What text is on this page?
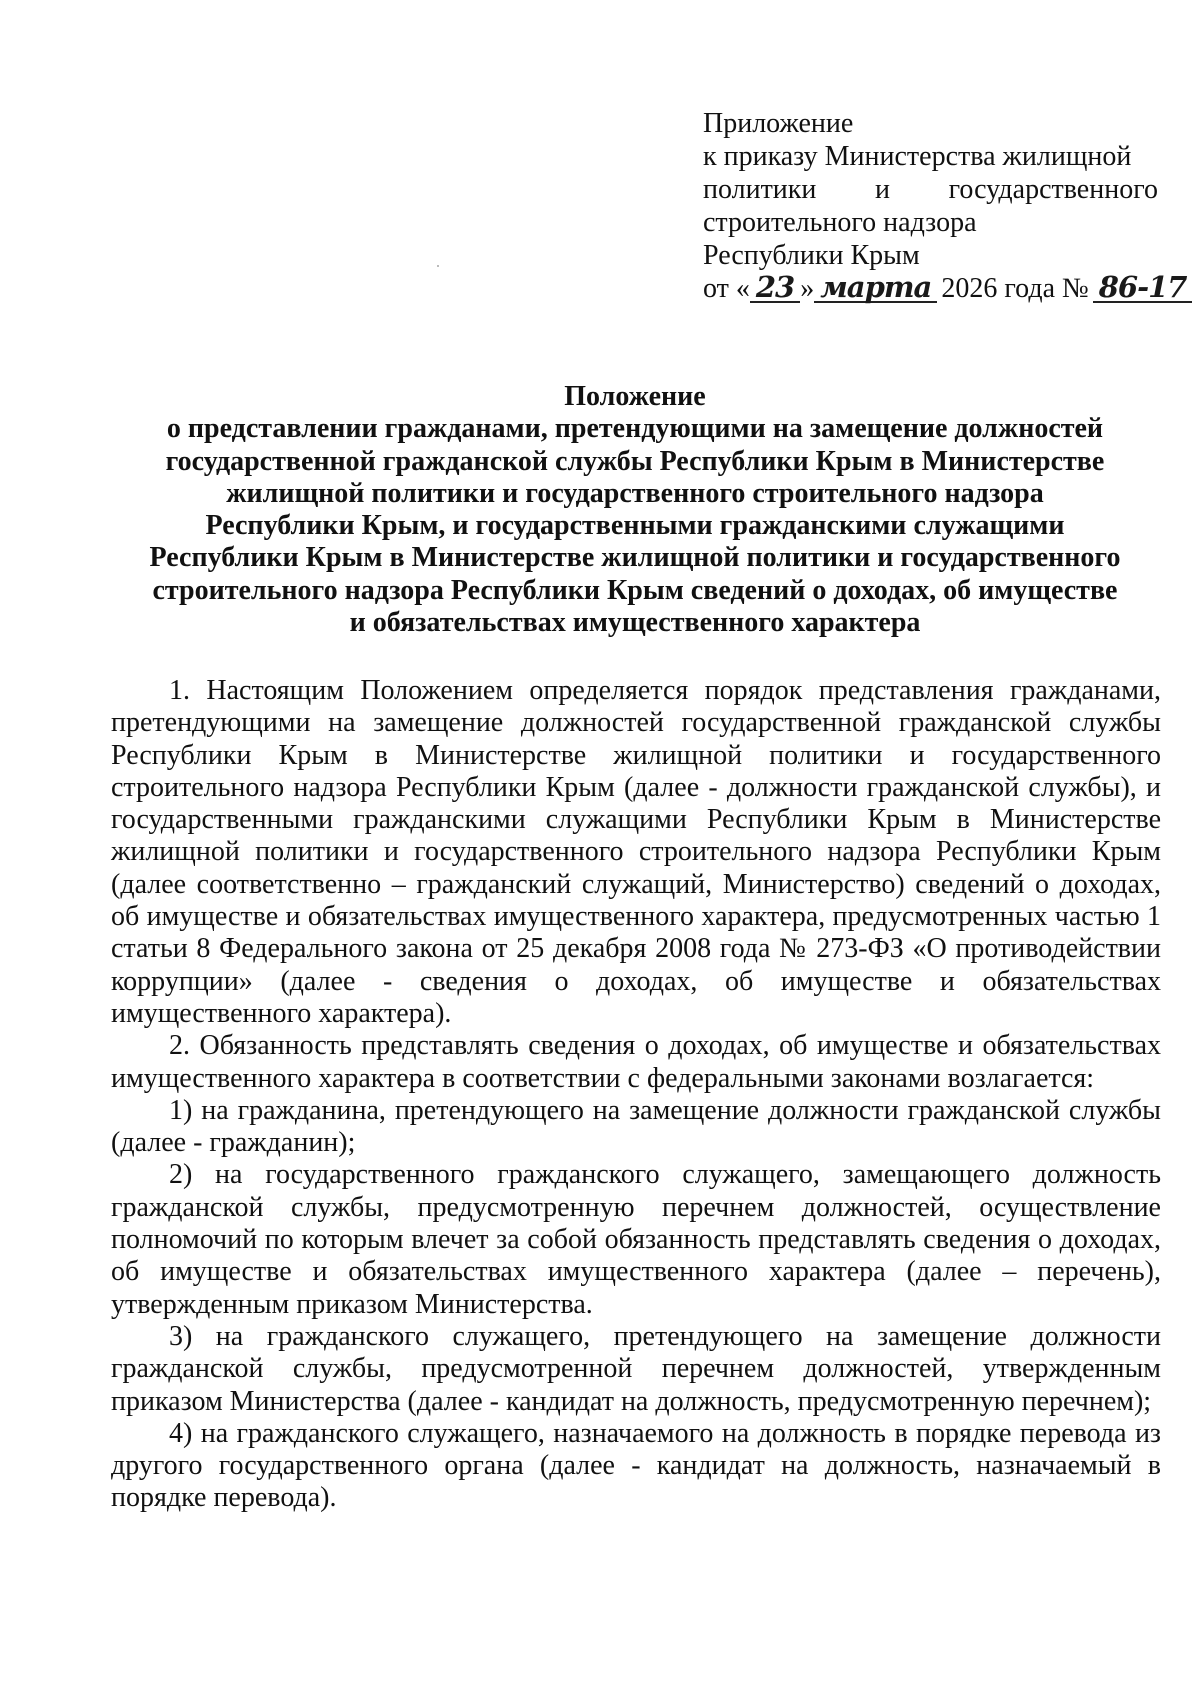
Приложение
к приказу Министерства жилищной
политики и государственного
строительного надзора
Республики Крым
от « 23 » марта 2026 года № 86-17
Положение
о представлении гражданами, претендующими на замещение должностей
государственной гражданской службы Республики Крым в Министерстве
жилищной политики и государственного строительного надзора
Республики Крым, и государственными гражданскими служащими
Республики Крым в Министерстве жилищной политики и государственного
строительного надзора Республики Крым сведений о доходах, об имуществе
и обязательствах имущественного характера

1. Настоящим Положением определяется порядок представления гражданами, претендующими на замещение должностей государственной гражданской службы Республики Крым в Министерстве жилищной политики и государственного строительного надзора Республики Крым (далее - должности гражданской службы), и государственными гражданскими служащими Республики Крым в Министерстве жилищной политики и государственного строительного надзора Республики Крым (далее соответственно – гражданский служащий, Министерство) сведений о доходах, об имуществе и обязательствах имущественного характера, предусмотренных частью 1 статьи 8 Федерального закона от 25 декабря 2008 года № 273-ФЗ «О противодействии коррупции» (далее - сведения о доходах, об имуществе и обязательствах имущественного характера).

2. Обязанность представлять сведения о доходах, об имуществе и обязательствах имущественного характера в соответствии с федеральными законами возлагается:

1) на гражданина, претендующего на замещение должности гражданской службы (далее - гражданин);

2) на государственного гражданского служащего, замещающего должность гражданской службы, предусмотренную перечнем должностей, осуществление полномочий по которым влечет за собой обязанность представлять сведения о доходах, об имуществе и обязательствах имущественного характера (далее – перечень), утвержденным приказом Министерства.

3) на гражданского служащего, претендующего на замещение должности гражданской службы, предусмотренной перечнем должностей, утвержденным приказом Министерства (далее - кандидат на должность, предусмотренную перечнем);

4) на гражданского служащего, назначаемого на должность в порядке перевода из другого государственного органа (далее - кандидат на должность, назначаемый в порядке перевода).
